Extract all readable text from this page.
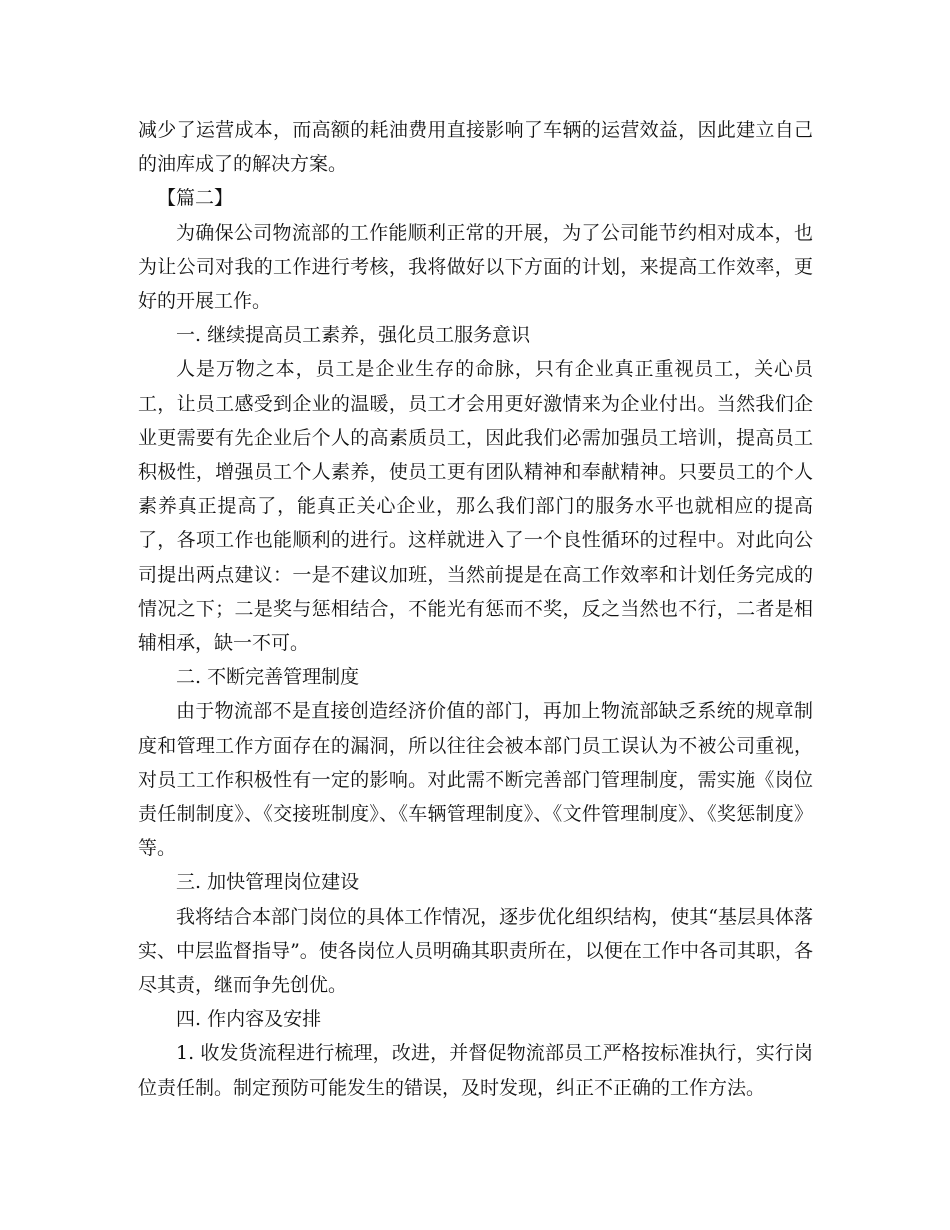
减少了运营成本，而高额的耗油费用直接影响了车辆的运营效益，因此建立自己的油库成了的解决方案。

【篇二】

为确保公司物流部的工作能顺利正常的开展，为了公司能节约相对成本，也为让公司对我的工作进行考核，我将做好以下方面的计划，来提高工作效率，更好的开展工作。

一. 继续提高员工素养，强化员工服务意识

人是万物之本，员工是企业生存的命脉，只有企业真正重视员工，关心员工，让员工感受到企业的温暖，员工才会用更好激情来为企业付出。当然我们企业更需要有先企业后个人的高素质员工，因此我们必需加强员工培训，提高员工积极性，增强员工个人素养，使员工更有团队精神和奉献精神。只要员工的个人素养真正提高了，能真正关心企业，那么我们部门的服务水平也就相应的提高了，各项工作也能顺利的进行。这样就进入了一个良性循环的过程中。对此向公司提出两点建议：一是不建议加班，当然前提是在高工作效率和计划任务完成的情况之下；二是奖与惩相结合，不能光有惩而不奖，反之当然也不行，二者是相辅相承，缺一不可。

二. 不断完善管理制度

由于物流部不是直接创造经济价值的部门，再加上物流部缺乏系统的规章制度和管理工作方面存在的漏洞，所以往往会被本部门员工误认为不被公司重视，对员工工作积极性有一定的影响。对此需不断完善部门管理制度，需实施《岗位责任制制度》、《交接班制度》、《车辆管理制度》、《文件管理制度》、《奖惩制度》等。

三. 加快管理岗位建设

我将结合本部门岗位的具体工作情况，逐步优化组织结构，使其“基层具体落实、中层监督指导”。使各岗位人员明确其职责所在，以便在工作中各司其职，各尽其责，继而争先创优。

四. 作内容及安排

1. 收发货流程进行梳理，改进，并督促物流部员工严格按标准执行，实行岗位责任制。制定预防可能发生的错误，及时发现，纠正不正确的工作方法。
